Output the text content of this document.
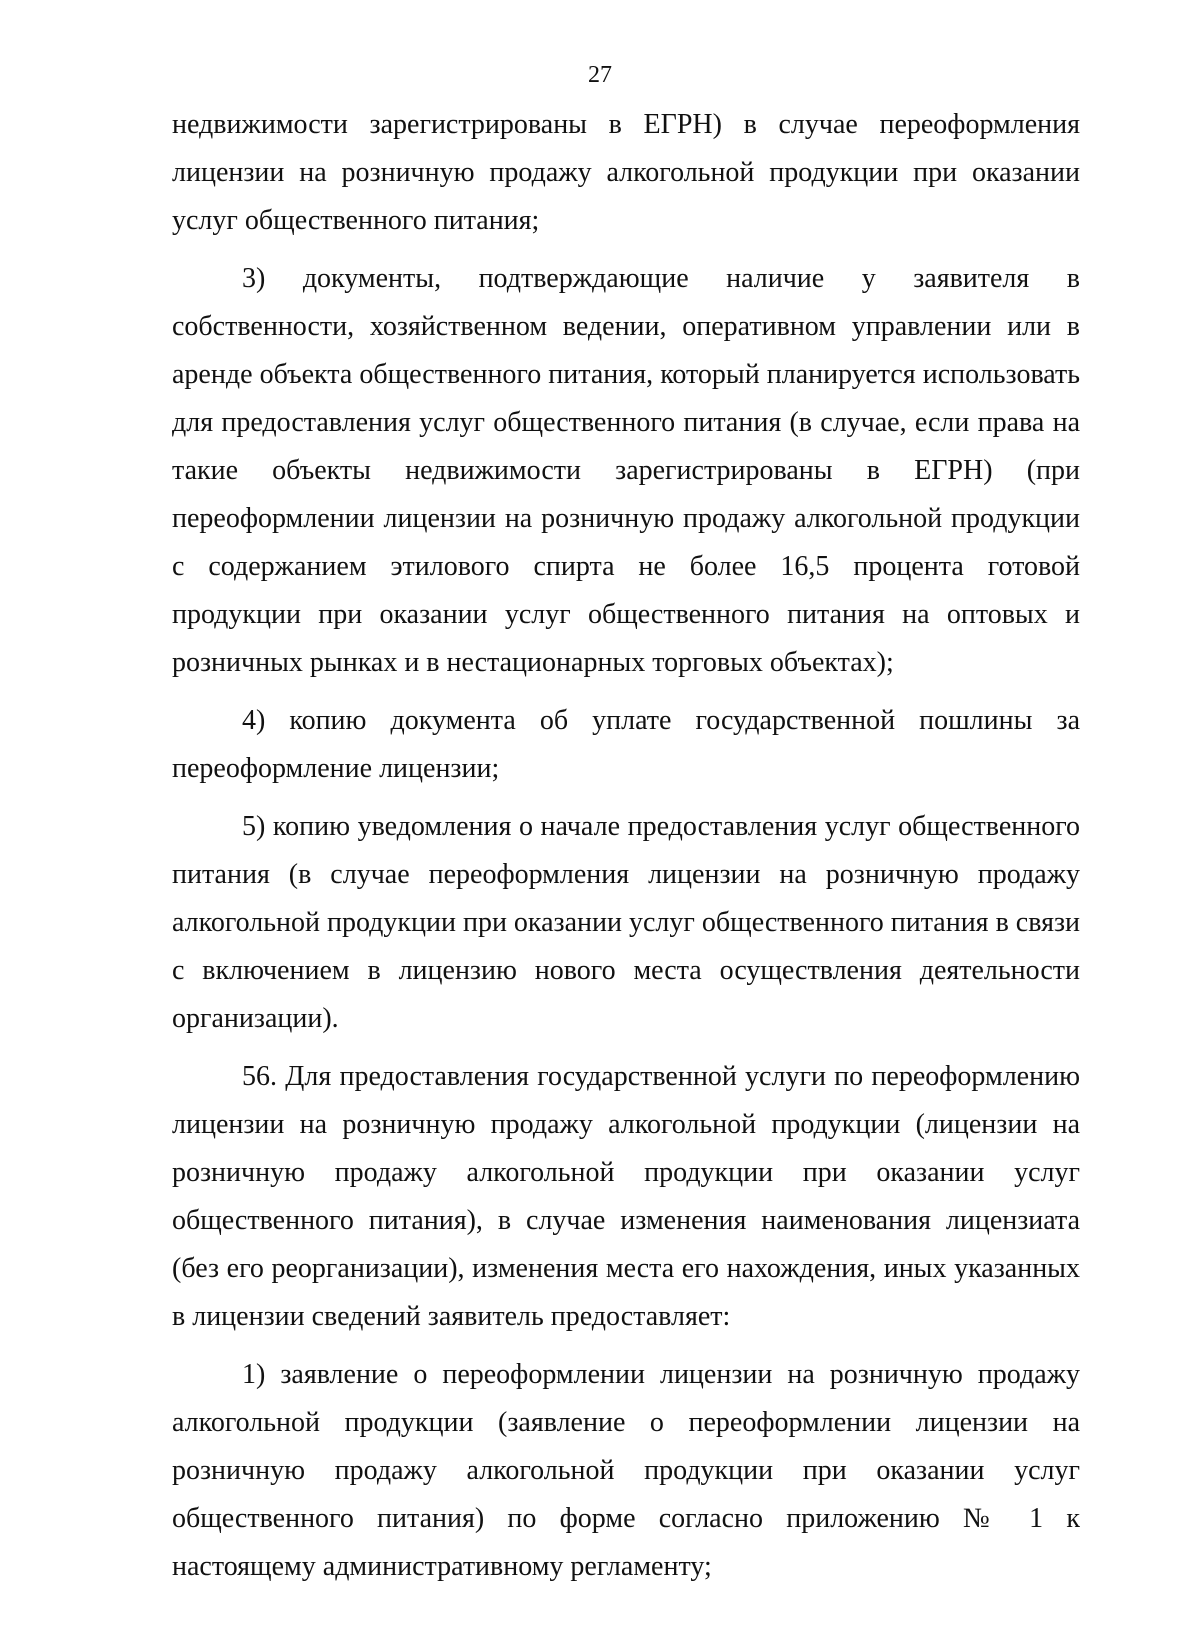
27

недвижимости зарегистрированы в ЕГРН) в случае переоформления лицензии на розничную продажу алкогольной продукции при оказании услуг общественного питания;

3) документы, подтверждающие наличие у заявителя в собственности, хозяйственном ведении, оперативном управлении или в аренде объекта общественного питания, который планируется использовать для предоставления услуг общественного питания (в случае, если права на такие объекты недвижимости зарегистрированы в ЕГРН) (при переоформлении лицензии на розничную продажу алкогольной продукции с содержанием этилового спирта не более 16,5 процента готовой продукции при оказании услуг общественного питания на оптовых и розничных рынках и в нестационарных торговых объектах);

4) копию документа об уплате государственной пошлины за переоформление лицензии;

5) копию уведомления о начале предоставления услуг общественного питания (в случае переоформления лицензии на розничную продажу алкогольной продукции при оказании услуг общественного питания в связи с включением в лицензию нового места осуществления деятельности организации).

56. Для предоставления государственной услуги по переоформлению лицензии на розничную продажу алкогольной продукции (лицензии на розничную продажу алкогольной продукции при оказании услуг общественного питания), в случае изменения наименования лицензиата (без его реорганизации), изменения места его нахождения, иных указанных в лицензии сведений заявитель предоставляет:

1) заявление о переоформлении лицензии на розничную продажу алкогольной продукции (заявление о переоформлении лицензии на розничную продажу алкогольной продукции при оказании услуг общественного питания) по форме согласно приложению № 1 к настоящему административному регламенту;
